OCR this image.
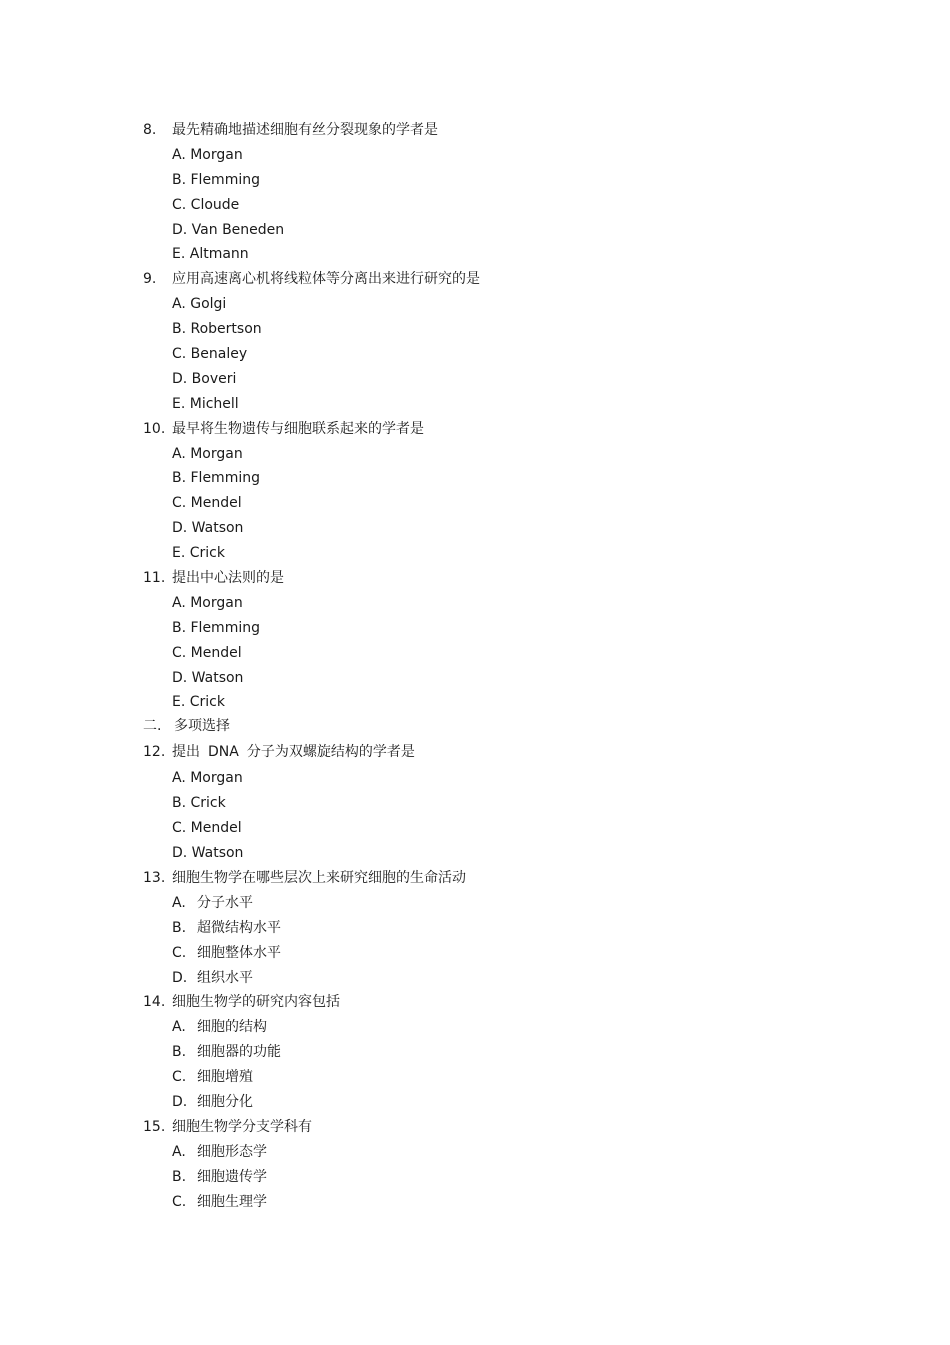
8. 最先精确地描述细胞有丝分裂现象的学者是
A. Morgan
B. Flemming
C. Cloude
D. Van Beneden
E. Altmann
9. 应用高速离心机将线粒体等分离出来进行研究的是
A. Golgi
B. Robertson
C. Benaley
D. Boveri
E. Michell
10. 最早将生物遗传与细胞联系起来的学者是
A. Morgan
B. Flemming
C. Mendel
D. Watson
E. Crick
11. 提出中心法则的是
A. Morgan
B. Flemming
C. Mendel
D. Watson
E. Crick
二. 多项选择
12. 提出 DNA 分子为双螺旋结构的学者是
A. Morgan
B. Crick
C. Mendel
D. Watson
13. 细胞生物学在哪些层次上来研究细胞的生命活动
A. 分子水平
B. 超微结构水平
C. 细胞整体水平
D. 组织水平
14. 细胞生物学的研究内容包括
A. 细胞的结构
B. 细胞器的功能
C. 细胞增殖
D. 细胞分化
15. 细胞生物学分支学科有
A. 细胞形态学
B. 细胞遗传学
C. 细胞生理学
